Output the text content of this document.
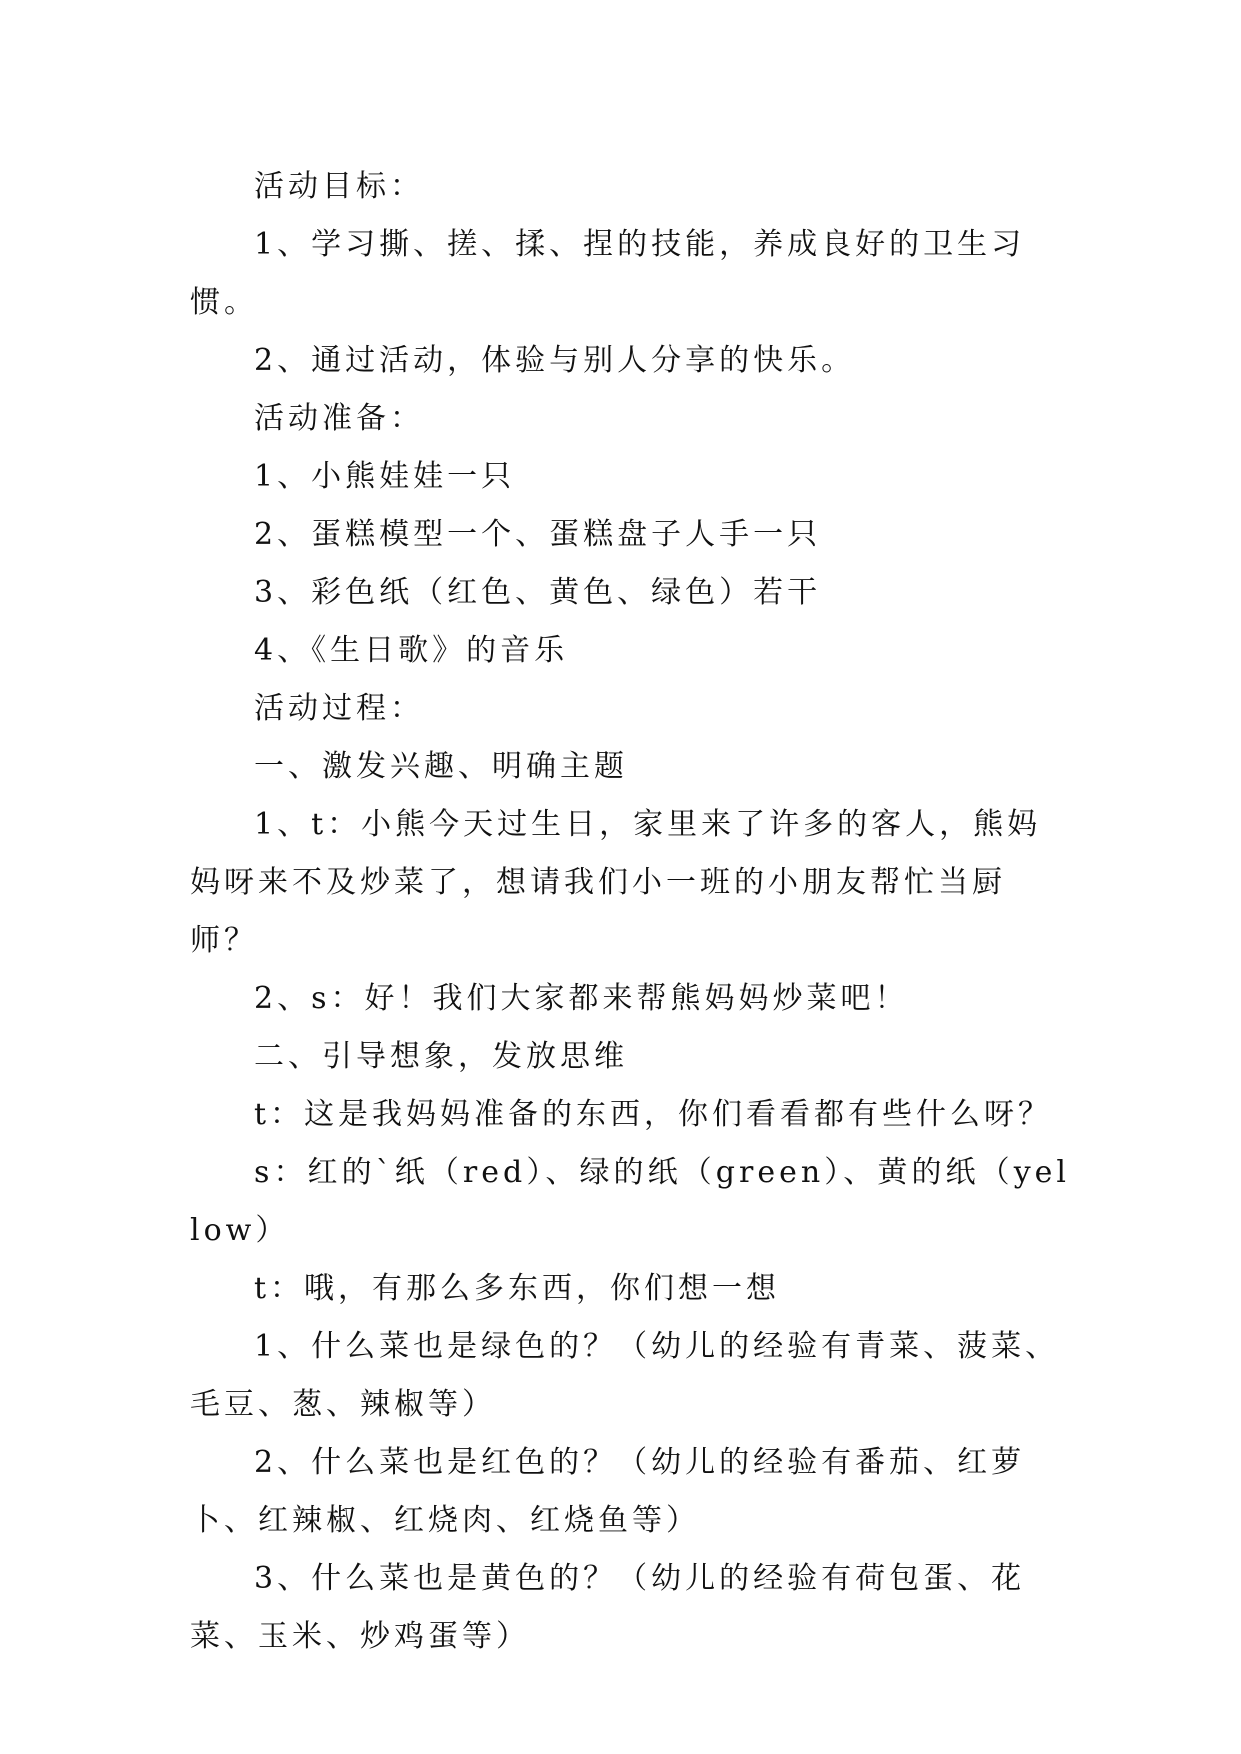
活动目标：

1、学习撕、搓、揉、捏的技能，养成良好的卫生习惯。

2、通过活动，体验与别人分享的快乐。

活动准备：

1、小熊娃娃一只

2、蛋糕模型一个、蛋糕盘子人手一只

3、彩色纸（红色、黄色、绿色）若干

4、《生日歌》的音乐

活动过程：

一、激发兴趣、明确主题

1、t：小熊今天过生日，家里来了许多的客人，熊妈妈呀来不及炒菜了，想请我们小一班的小朋友帮忙当厨师？

2、s：好！我们大家都来帮熊妈妈炒菜吧！

二、引导想象，发放思维

t：这是我妈妈准备的东西，你们看看都有些什么呀？

s：红的`纸（red）、绿的纸（green）、黄的纸（yellow）

t：哦，有那么多东西，你们想一想

1、什么菜也是绿色的？（幼儿的经验有青菜、菠菜、毛豆、葱、辣椒等）

2、什么菜也是红色的？（幼儿的经验有番茄、红萝卜、红辣椒、红烧肉、红烧鱼等）

3、什么菜也是黄色的？（幼儿的经验有荷包蛋、花菜、玉米、炒鸡蛋等）
